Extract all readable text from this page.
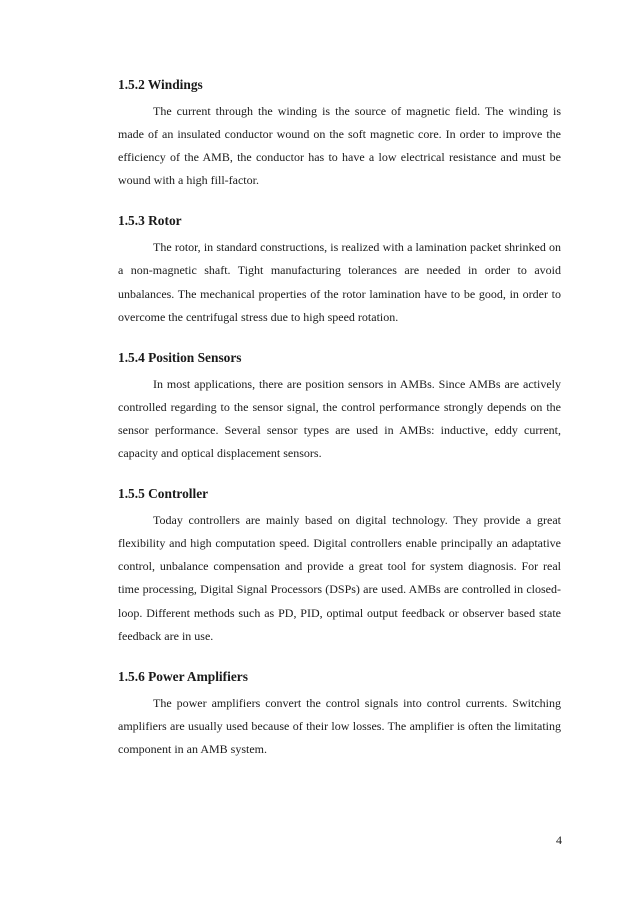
1.5.2 Windings

The current through the winding is the source of magnetic field. The winding is made of an insulated conductor wound on the soft magnetic core. In order to improve the efficiency of the AMB, the conductor has to have a low electrical resistance and must be wound with a high fill-factor.

1.5.3 Rotor

The rotor, in standard constructions, is realized with a lamination packet shrinked on a non-magnetic shaft. Tight manufacturing tolerances are needed in order to avoid unbalances. The mechanical properties of the rotor lamination have to be good, in order to overcome the centrifugal stress due to high speed rotation.

1.5.4 Position Sensors

In most applications, there are position sensors in AMBs. Since AMBs are actively controlled regarding to the sensor signal, the control performance strongly depends on the sensor performance. Several sensor types are used in AMBs: inductive, eddy current, capacity and optical displacement sensors.

1.5.5 Controller

Today controllers are mainly based on digital technology. They provide a great flexibility and high computation speed. Digital controllers enable principally an adaptative control, unbalance compensation and provide a great tool for system diagnosis. For real time processing, Digital Signal Processors (DSPs) are used. AMBs are controlled in closed-loop. Different methods such as PD, PID, optimal output feedback or observer based state feedback are in use.

1.5.6 Power Amplifiers

The power amplifiers convert the control signals into control currents. Switching amplifiers are usually used because of their low losses. The amplifier is often the limitating component in an AMB system.

4
